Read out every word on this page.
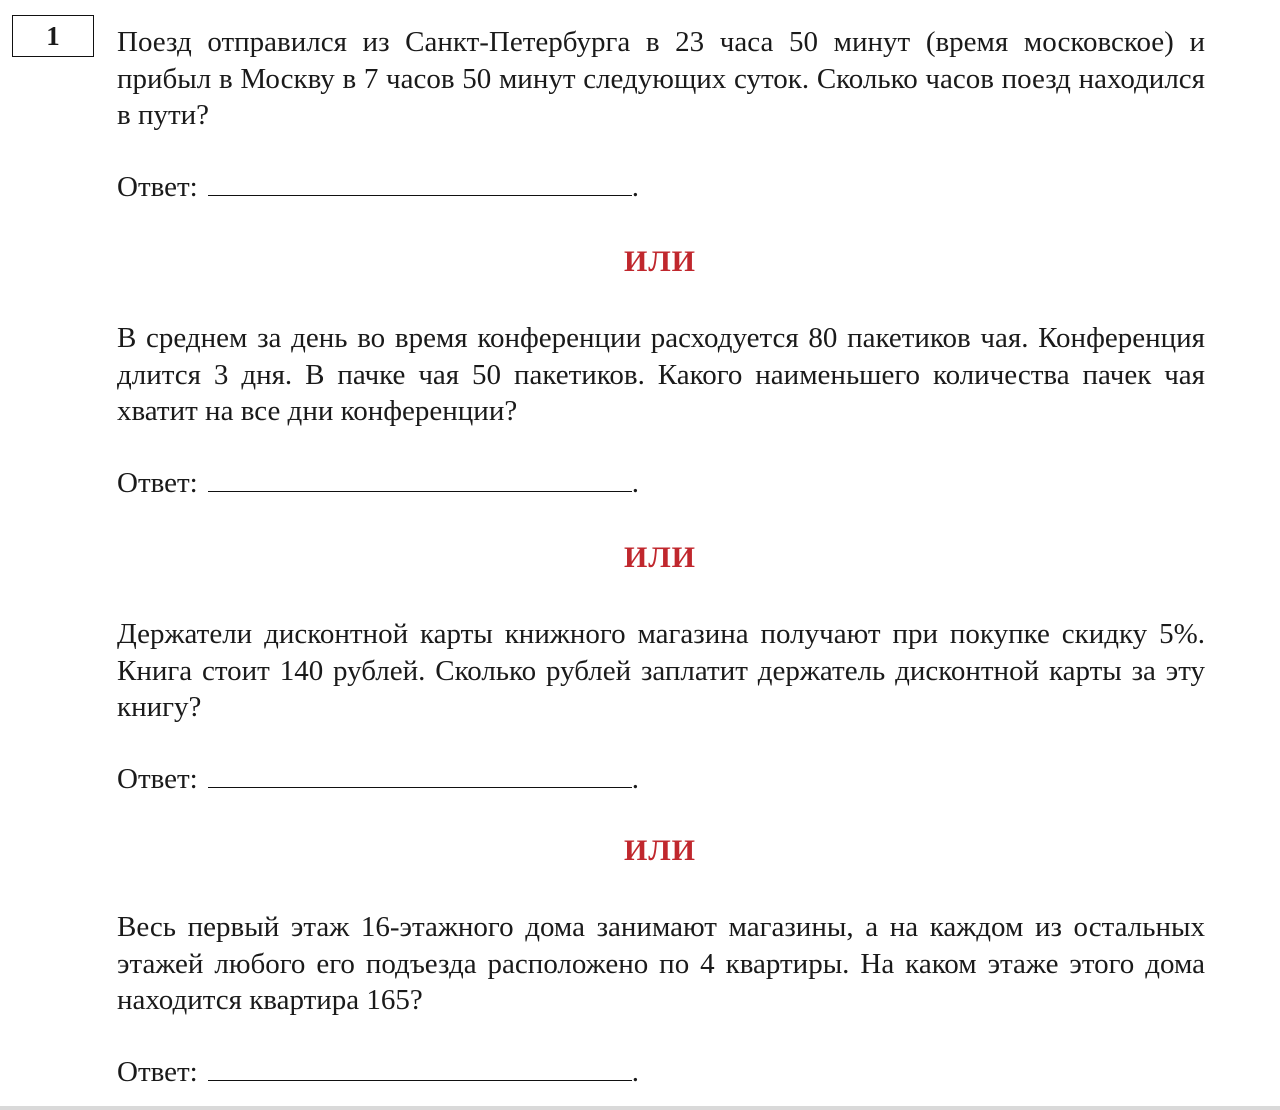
1 Поезд отправился из Санкт-Петербурга в 23 часа 50 минут (время московское) и прибыл в Москву в 7 часов 50 минут следующих суток. Сколько часов поезд находился в пути?
Ответ:	.
ИЛИ
В среднем за день во время конференции расходуется 80 пакетиков чая. Конференция длится 3 дня. В пачке чая 50 пакетиков. Какого наименьшего количества пачек чая хватит на все дни конференции?
Ответ:	.
ИЛИ
Держатели дисконтной карты книжного магазина получают при покупке скидку 5%. Книга стоит 140 рублей. Сколько рублей заплатит держатель дисконтной карты за эту книгу?
Ответ:	.
ИЛИ
Весь первый этаж 16-этажного дома занимают магазины, а на каждом из остальных этажей любого его подъезда расположено по 4 квартиры. На каком этаже этого дома находится квартира 165?
Ответ:	.
